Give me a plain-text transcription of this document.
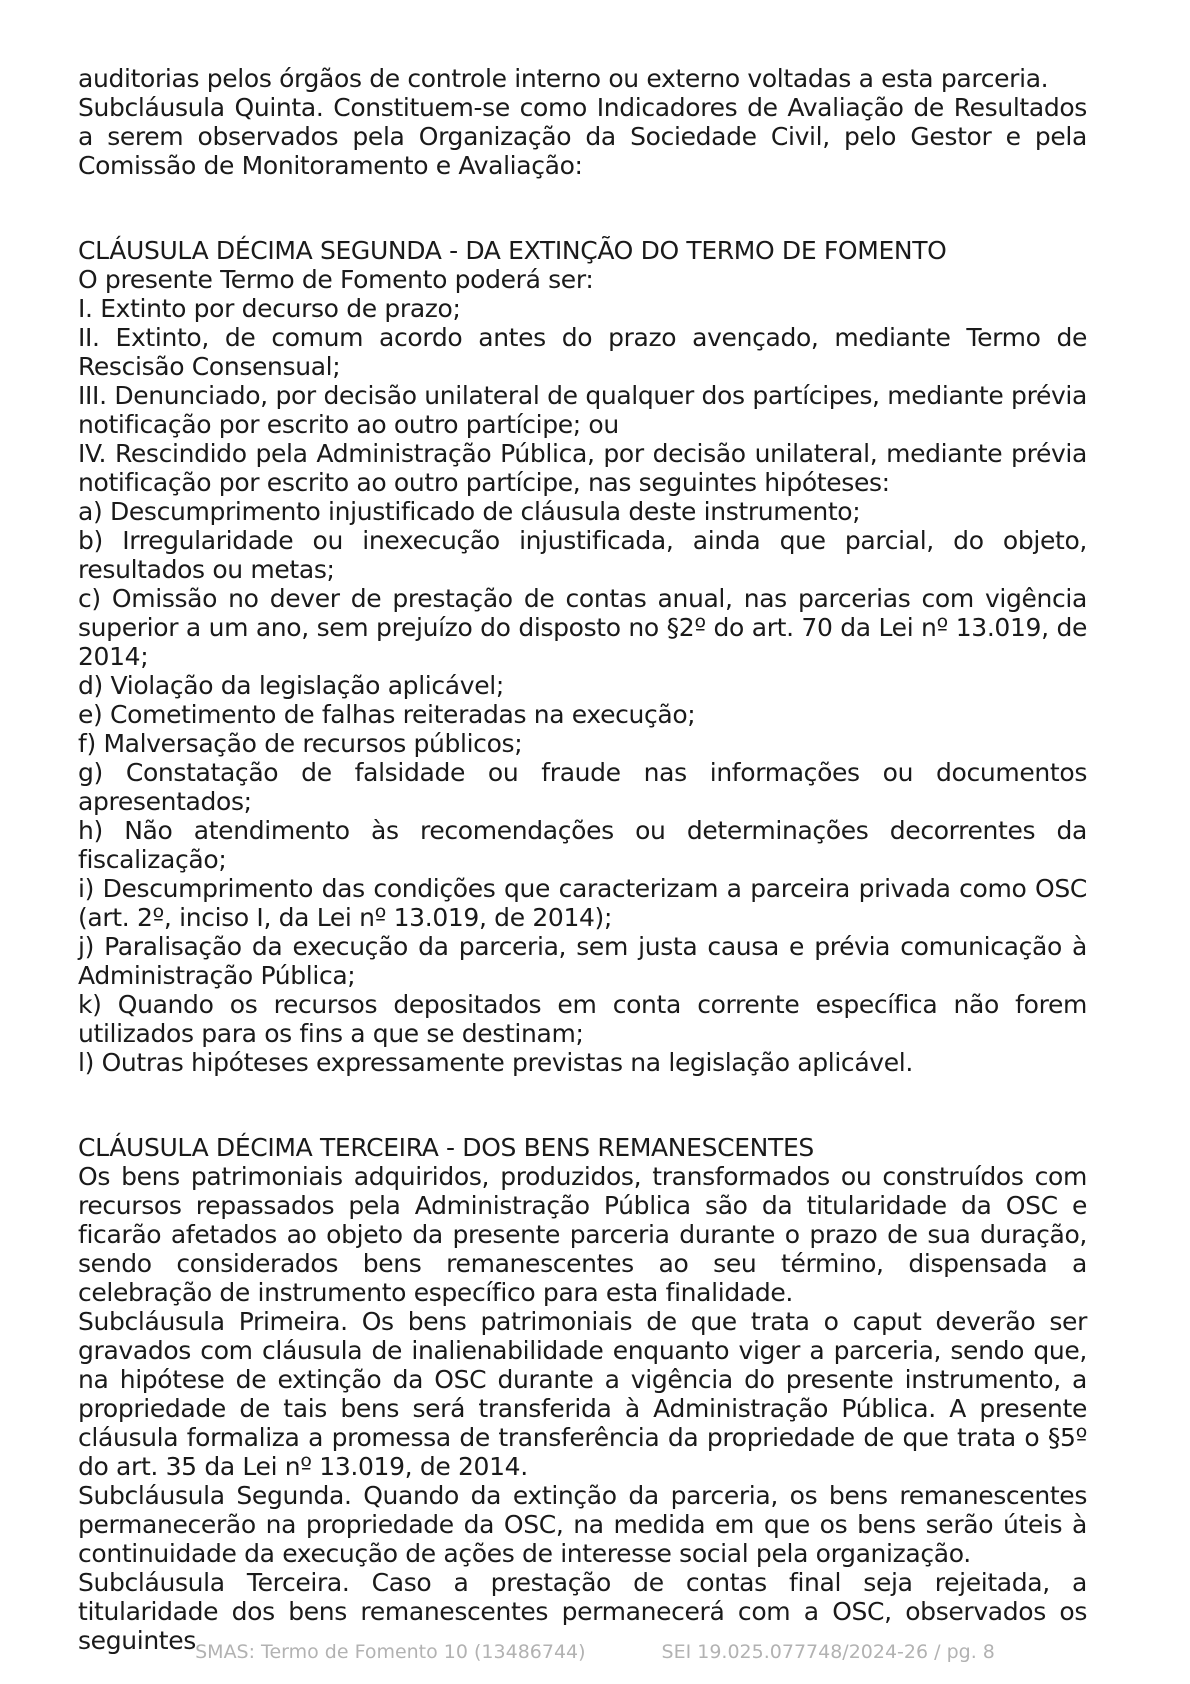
auditorias pelos órgãos de controle interno ou externo voltadas a esta parceria.

Subcláusula Quinta. Constituem-se como Indicadores de Avaliação de Resultados a serem observados pela Organização da Sociedade Civil, pelo Gestor e pela Comissão de Monitoramento e Avaliação:

CLÁUSULA DÉCIMA SEGUNDA - DA EXTINÇÃO DO TERMO DE FOMENTO

O presente Termo de Fomento poderá ser:

I. Extinto por decurso de prazo;

II. Extinto, de comum acordo antes do prazo avençado, mediante Termo de Rescisão Consensual;

III. Denunciado, por decisão unilateral de qualquer dos partícipes, mediante prévia notificação por escrito ao outro partícipe; ou

IV. Rescindido pela Administração Pública, por decisão unilateral, mediante prévia notificação por escrito ao outro partícipe, nas seguintes hipóteses:

a) Descumprimento injustificado de cláusula deste instrumento;

b) Irregularidade ou inexecução injustificada, ainda que parcial, do objeto, resultados ou metas;

c) Omissão no dever de prestação de contas anual, nas parcerias com vigência superior a um ano, sem prejuízo do disposto no §2º do art. 70 da Lei nº 13.019, de 2014;

d) Violação da legislação aplicável;

e) Cometimento de falhas reiteradas na execução;

f) Malversação de recursos públicos;

g) Constatação de falsidade ou fraude nas informações ou documentos apresentados;

h) Não atendimento às recomendações ou determinações decorrentes da fiscalização;

i) Descumprimento das condições que caracterizam a parceira privada como OSC (art. 2º, inciso I, da Lei nº 13.019, de 2014);

j) Paralisação da execução da parceria, sem justa causa e prévia comunicação à Administração Pública;

k) Quando os recursos depositados em conta corrente específica não forem utilizados para os fins a que se destinam;

l) Outras hipóteses expressamente previstas na legislação aplicável.

CLÁUSULA DÉCIMA TERCEIRA - DOS BENS REMANESCENTES

Os bens patrimoniais adquiridos, produzidos, transformados ou construídos com recursos repassados pela Administração Pública são da titularidade da OSC e ficarão afetados ao objeto da presente parceria durante o prazo de sua duração, sendo considerados bens remanescentes ao seu término, dispensada a celebração de instrumento específico para esta finalidade.

Subcláusula Primeira. Os bens patrimoniais de que trata o caput deverão ser gravados com cláusula de inalienabilidade enquanto viger a parceria, sendo que, na hipótese de extinção da OSC durante a vigência do presente instrumento, a propriedade de tais bens será transferida à Administração Pública. A presente cláusula formaliza a promessa de transferência da propriedade de que trata o §5º do art. 35 da Lei nº 13.019, de 2014.

Subcláusula Segunda. Quando da extinção da parceria, os bens remanescentes permanecerão na propriedade da OSC, na medida em que os bens serão úteis à continuidade da execução de ações de interesse social pela organização.

Subcláusula Terceira. Caso a prestação de contas final seja rejeitada, a titularidade dos bens remanescentes permanecerá com a OSC, observados os seguintes SMAS: Termo de Fomento 10 (13486744)	SEI 19.025.077748/2024-26 / pg. 8
